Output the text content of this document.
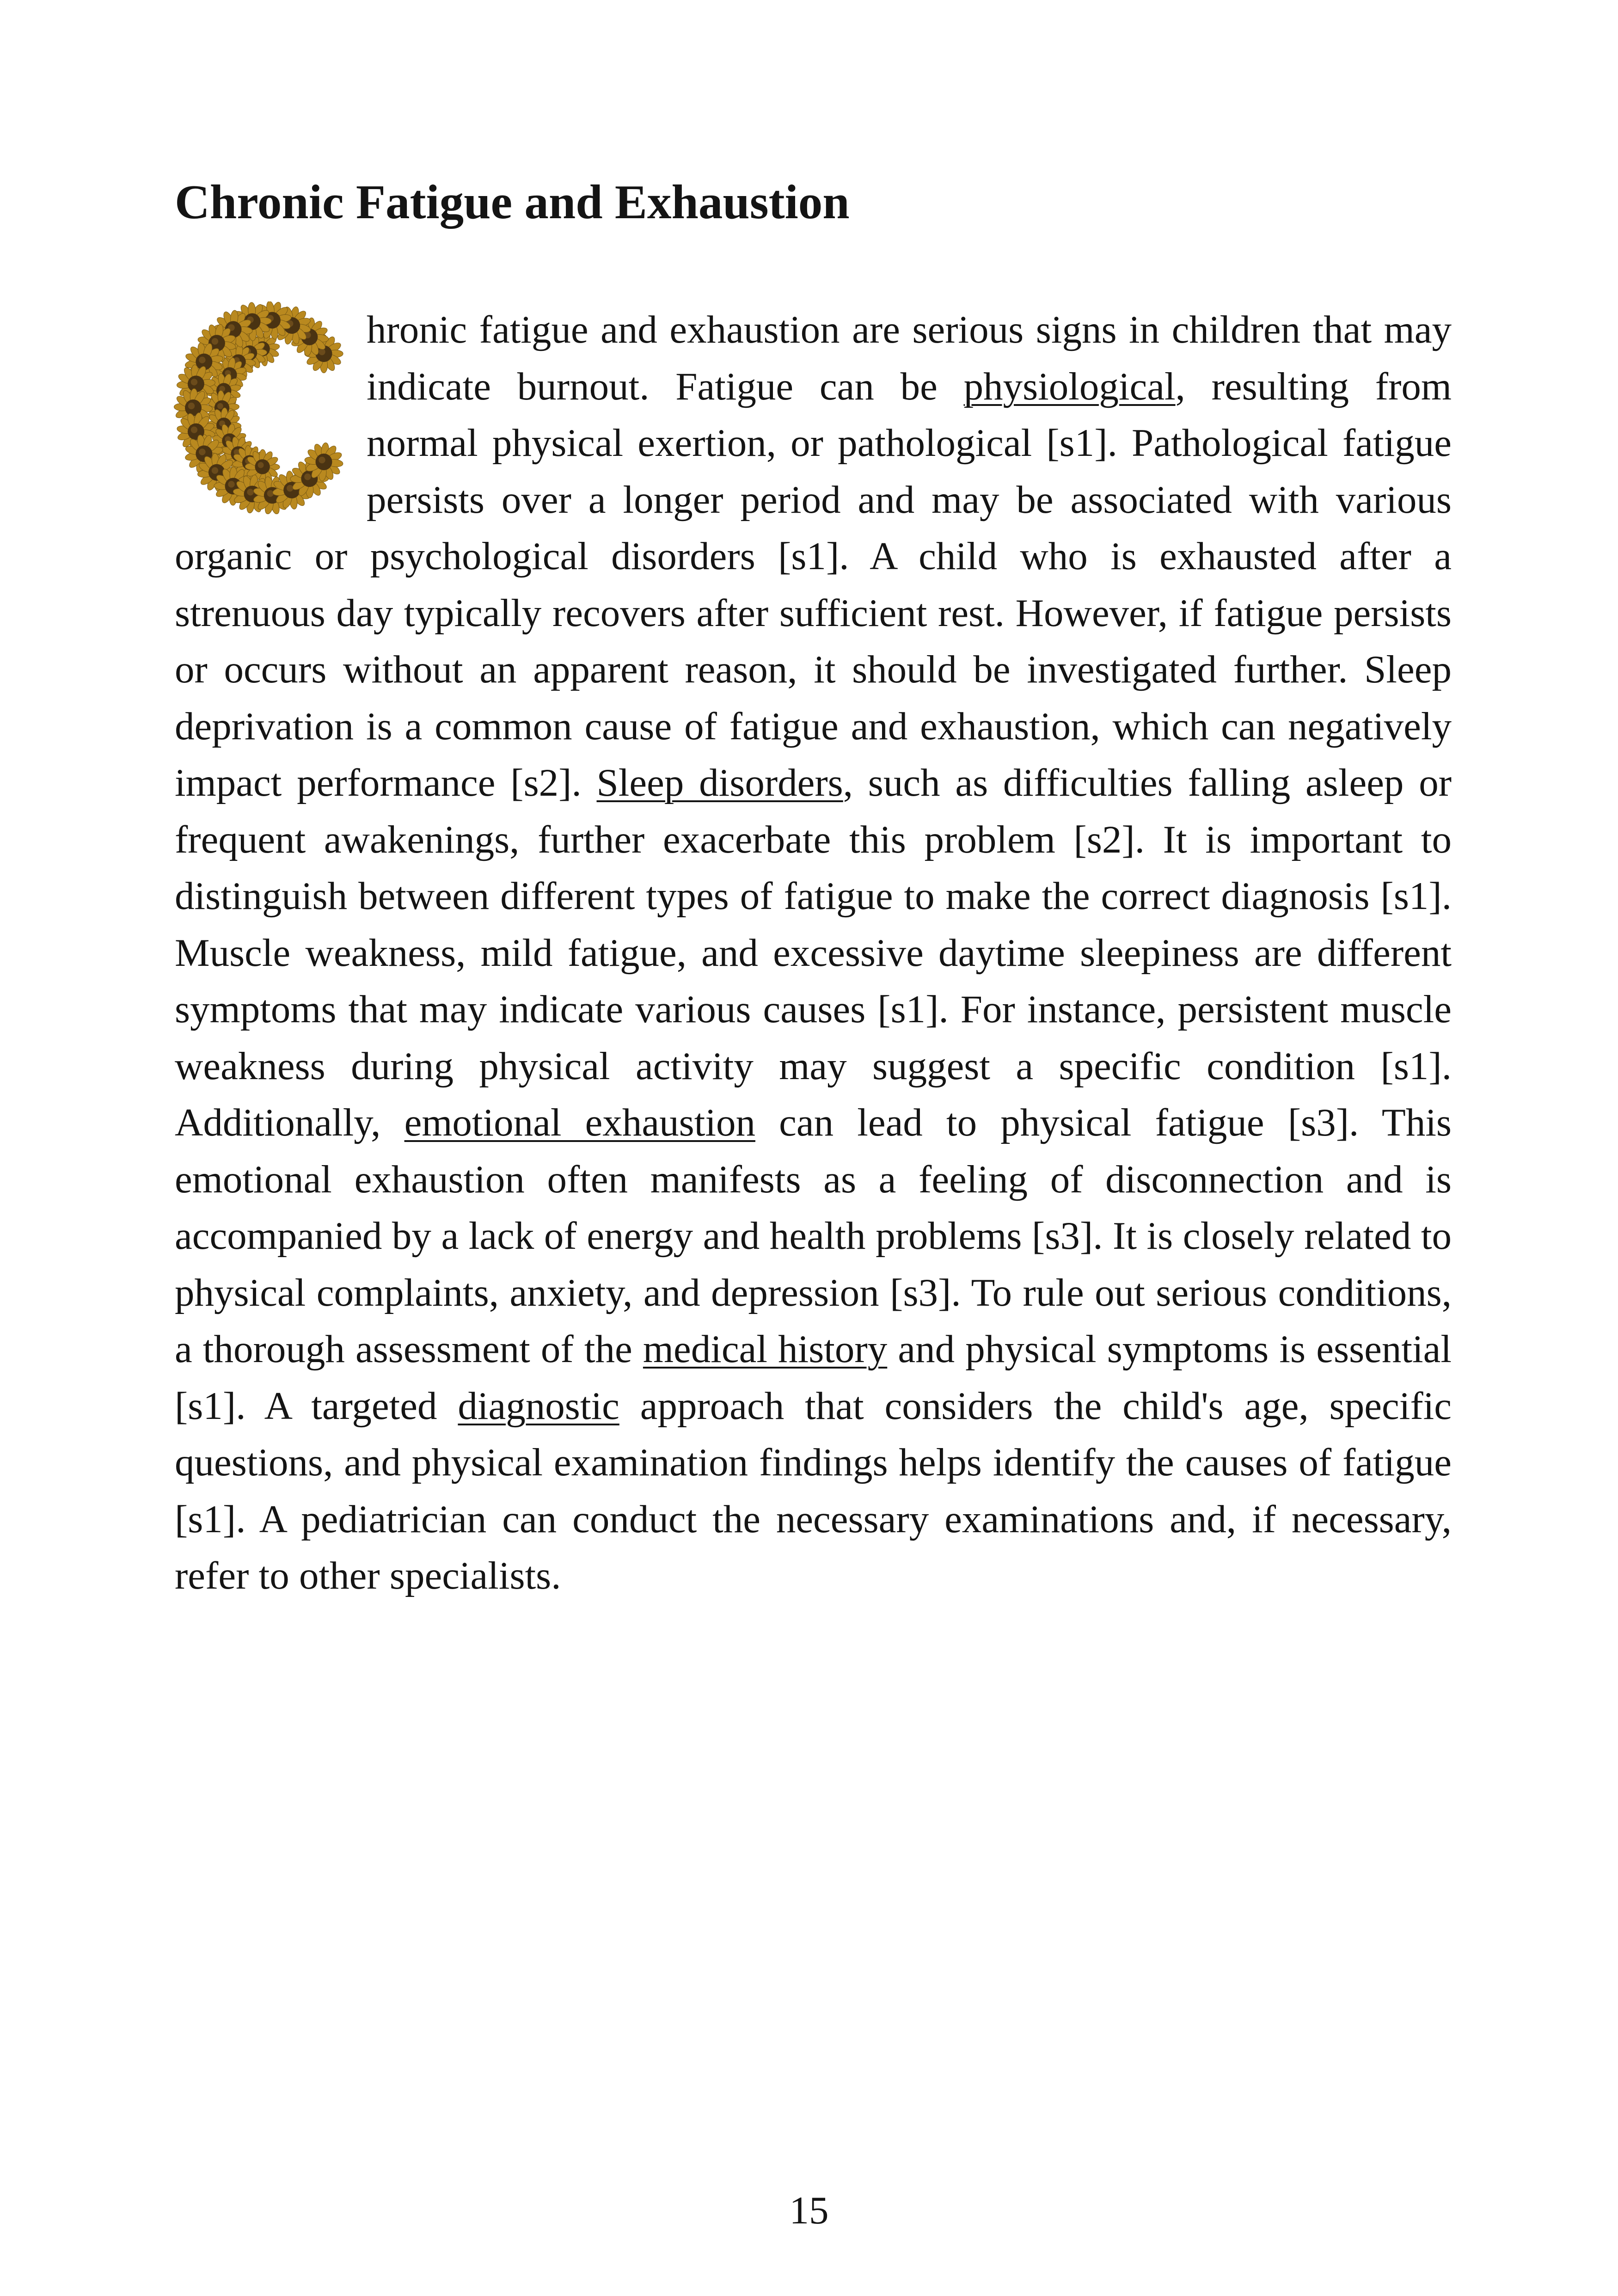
Chronic Fatigue and Exhaustion

hronic fatigue and exhaustion are serious signs in children that may indicate burnout. Fatigue can be physiological, resulting from normal physical exertion, or pathological [s1]. Pathological fatigue persists over a longer period and may be associated with various organic or psychological disorders [s1]. A child who is exhausted after a strenuous day typically recovers after sufficient rest. However, if fatigue persists or occurs without an apparent reason, it should be investigated further. Sleep deprivation is a common cause of fatigue and exhaustion, which can negatively impact performance [s2]. Sleep disorders, such as difficulties falling asleep or frequent awakenings, further exacerbate this problem [s2]. It is important to distinguish between different types of fatigue to make the correct diagnosis [s1]. Muscle weakness, mild fatigue, and excessive daytime sleepiness are different symptoms that may indicate various causes [s1]. For instance, persistent muscle weakness during physical activity may suggest a specific condition [s1]. Additionally, emotional exhaustion can lead to physical fatigue [s3]. This emotional exhaustion often manifests as a feeling of disconnection and is accompanied by a lack of energy and health problems [s3]. It is closely related to physical complaints, anxiety, and depression [s3]. To rule out serious conditions, a thorough assessment of the medical history and physical symptoms is essential [s1]. A targeted diagnostic approach that considers the child's age, specific questions, and physical examination findings helps identify the causes of fatigue [s1]. A pediatrician can conduct the necessary examinations and, if necessary, refer to other specialists.

15
